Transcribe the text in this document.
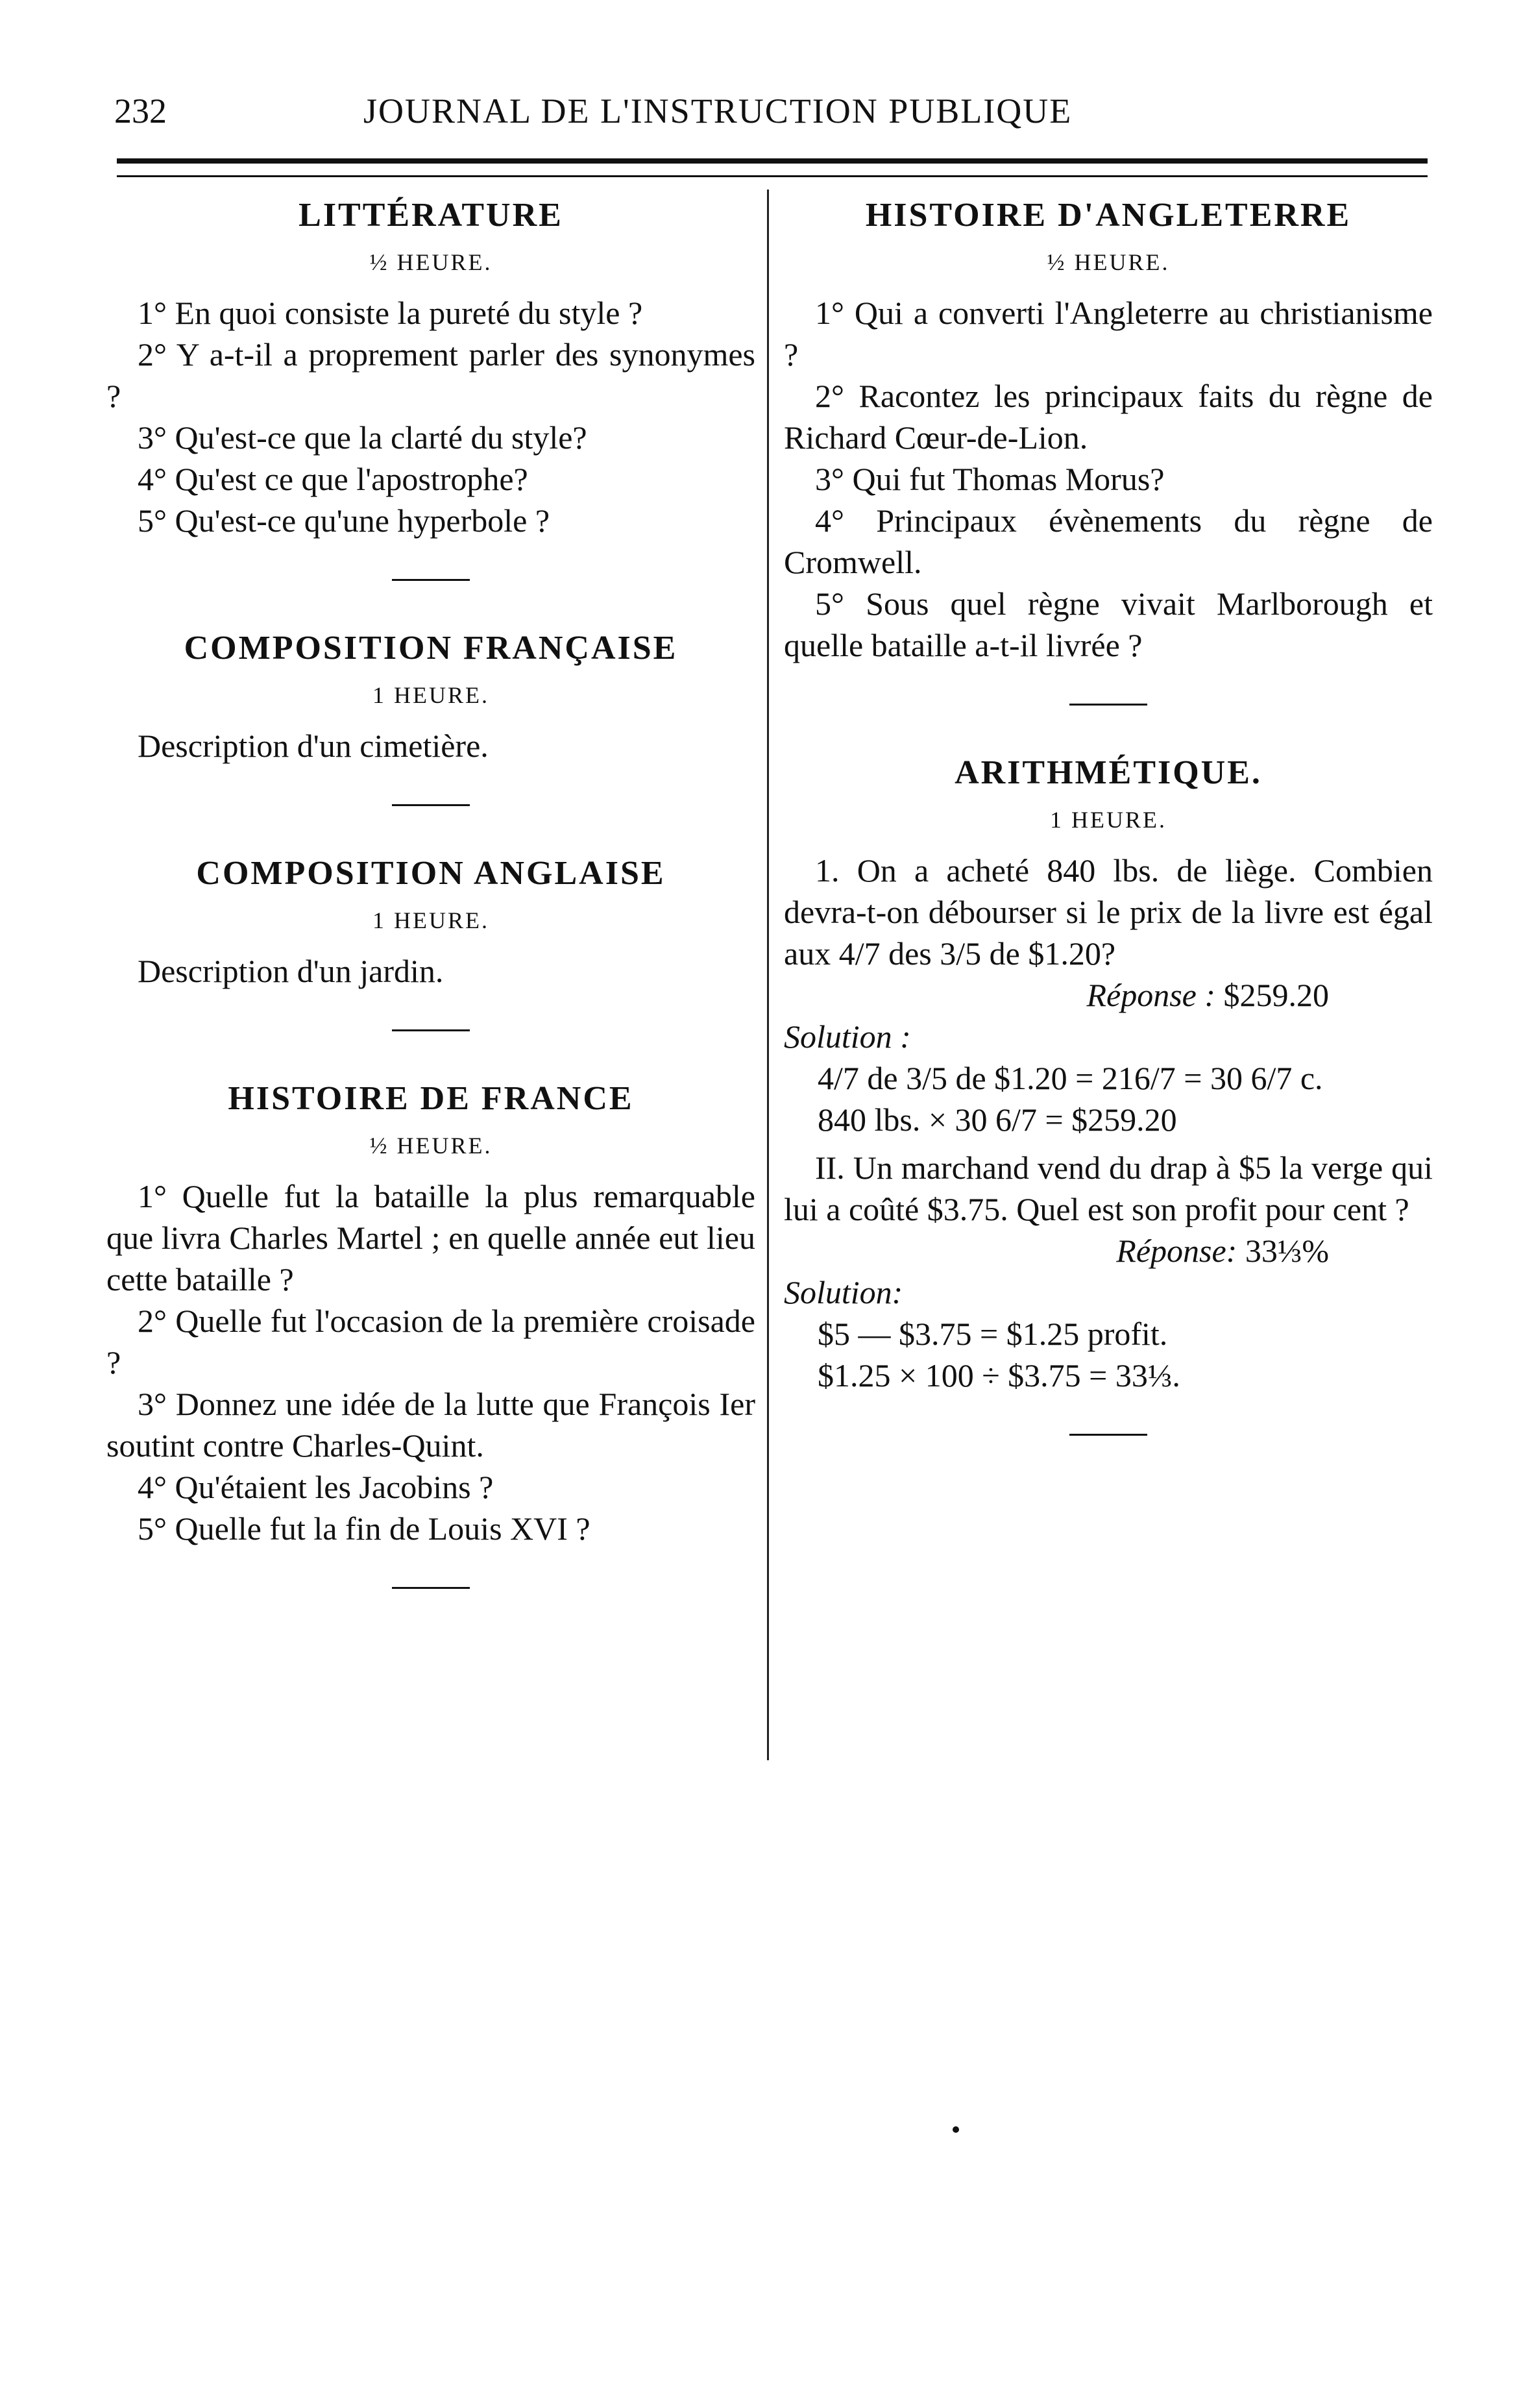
232	JOURNAL DE L'INSTRUCTION PUBLIQUE
LITTÉRATURE
½ HEURE.

1° En quoi consiste la pureté du style ?

2° Y a-t-il a proprement parler des synonymes ?

3° Qu'est-ce que la clarté du style?

4° Qu'est ce que l'apostrophe?

5° Qu'est-ce qu'une hyperbole ?

COMPOSITION FRANÇAISE
1 HEURE.

Description d'un cimetière.

COMPOSITION ANGLAISE
1 HEURE.

Description d'un jardin.

HISTOIRE DE FRANCE
½ HEURE.

1° Quelle fut la bataille la plus remarquable que livra Charles Martel ; en quelle année eut lieu cette bataille ?

2° Quelle fut l'occasion de la première croisade ?

3° Donnez une idée de la lutte que François Ier soutint contre Charles-Quint.

4° Qu'étaient les Jacobins ?

5° Quelle fut la fin de Louis XVI ?

HISTOIRE D'ANGLETERRE
½ HEURE.

1° Qui a converti l'Angleterre au christianisme ?

2° Racontez les principaux faits du règne de Richard Cœur-de-Lion.

3° Qui fut Thomas Morus?

4° Principaux évènements du règne de Cromwell.

5° Sous quel règne vivait Marlborough et quelle bataille a-t-il livrée ?

ARITHMÉTIQUE.
1 HEURE.

1. On a acheté 840 lbs. de liège. Combien devra-t-on débourser si le prix de la livre est égal aux 4/7 des 3/5 de $1.20?

Réponse : $259.20

Solution :

4/7 de 3/5 de $1.20 = 216/7 = 30 6/7 c.

840 lbs. × 30 6/7 = $259.20

II. Un marchand vend du drap à $5 la verge qui lui a coûté $3.75. Quel est son profit pour cent ?

Réponse: 33⅓%

Solution:

$5 — $3.75 = $1.25 profit.

$1.25 × 100 ÷ $3.75 = 33⅓.
